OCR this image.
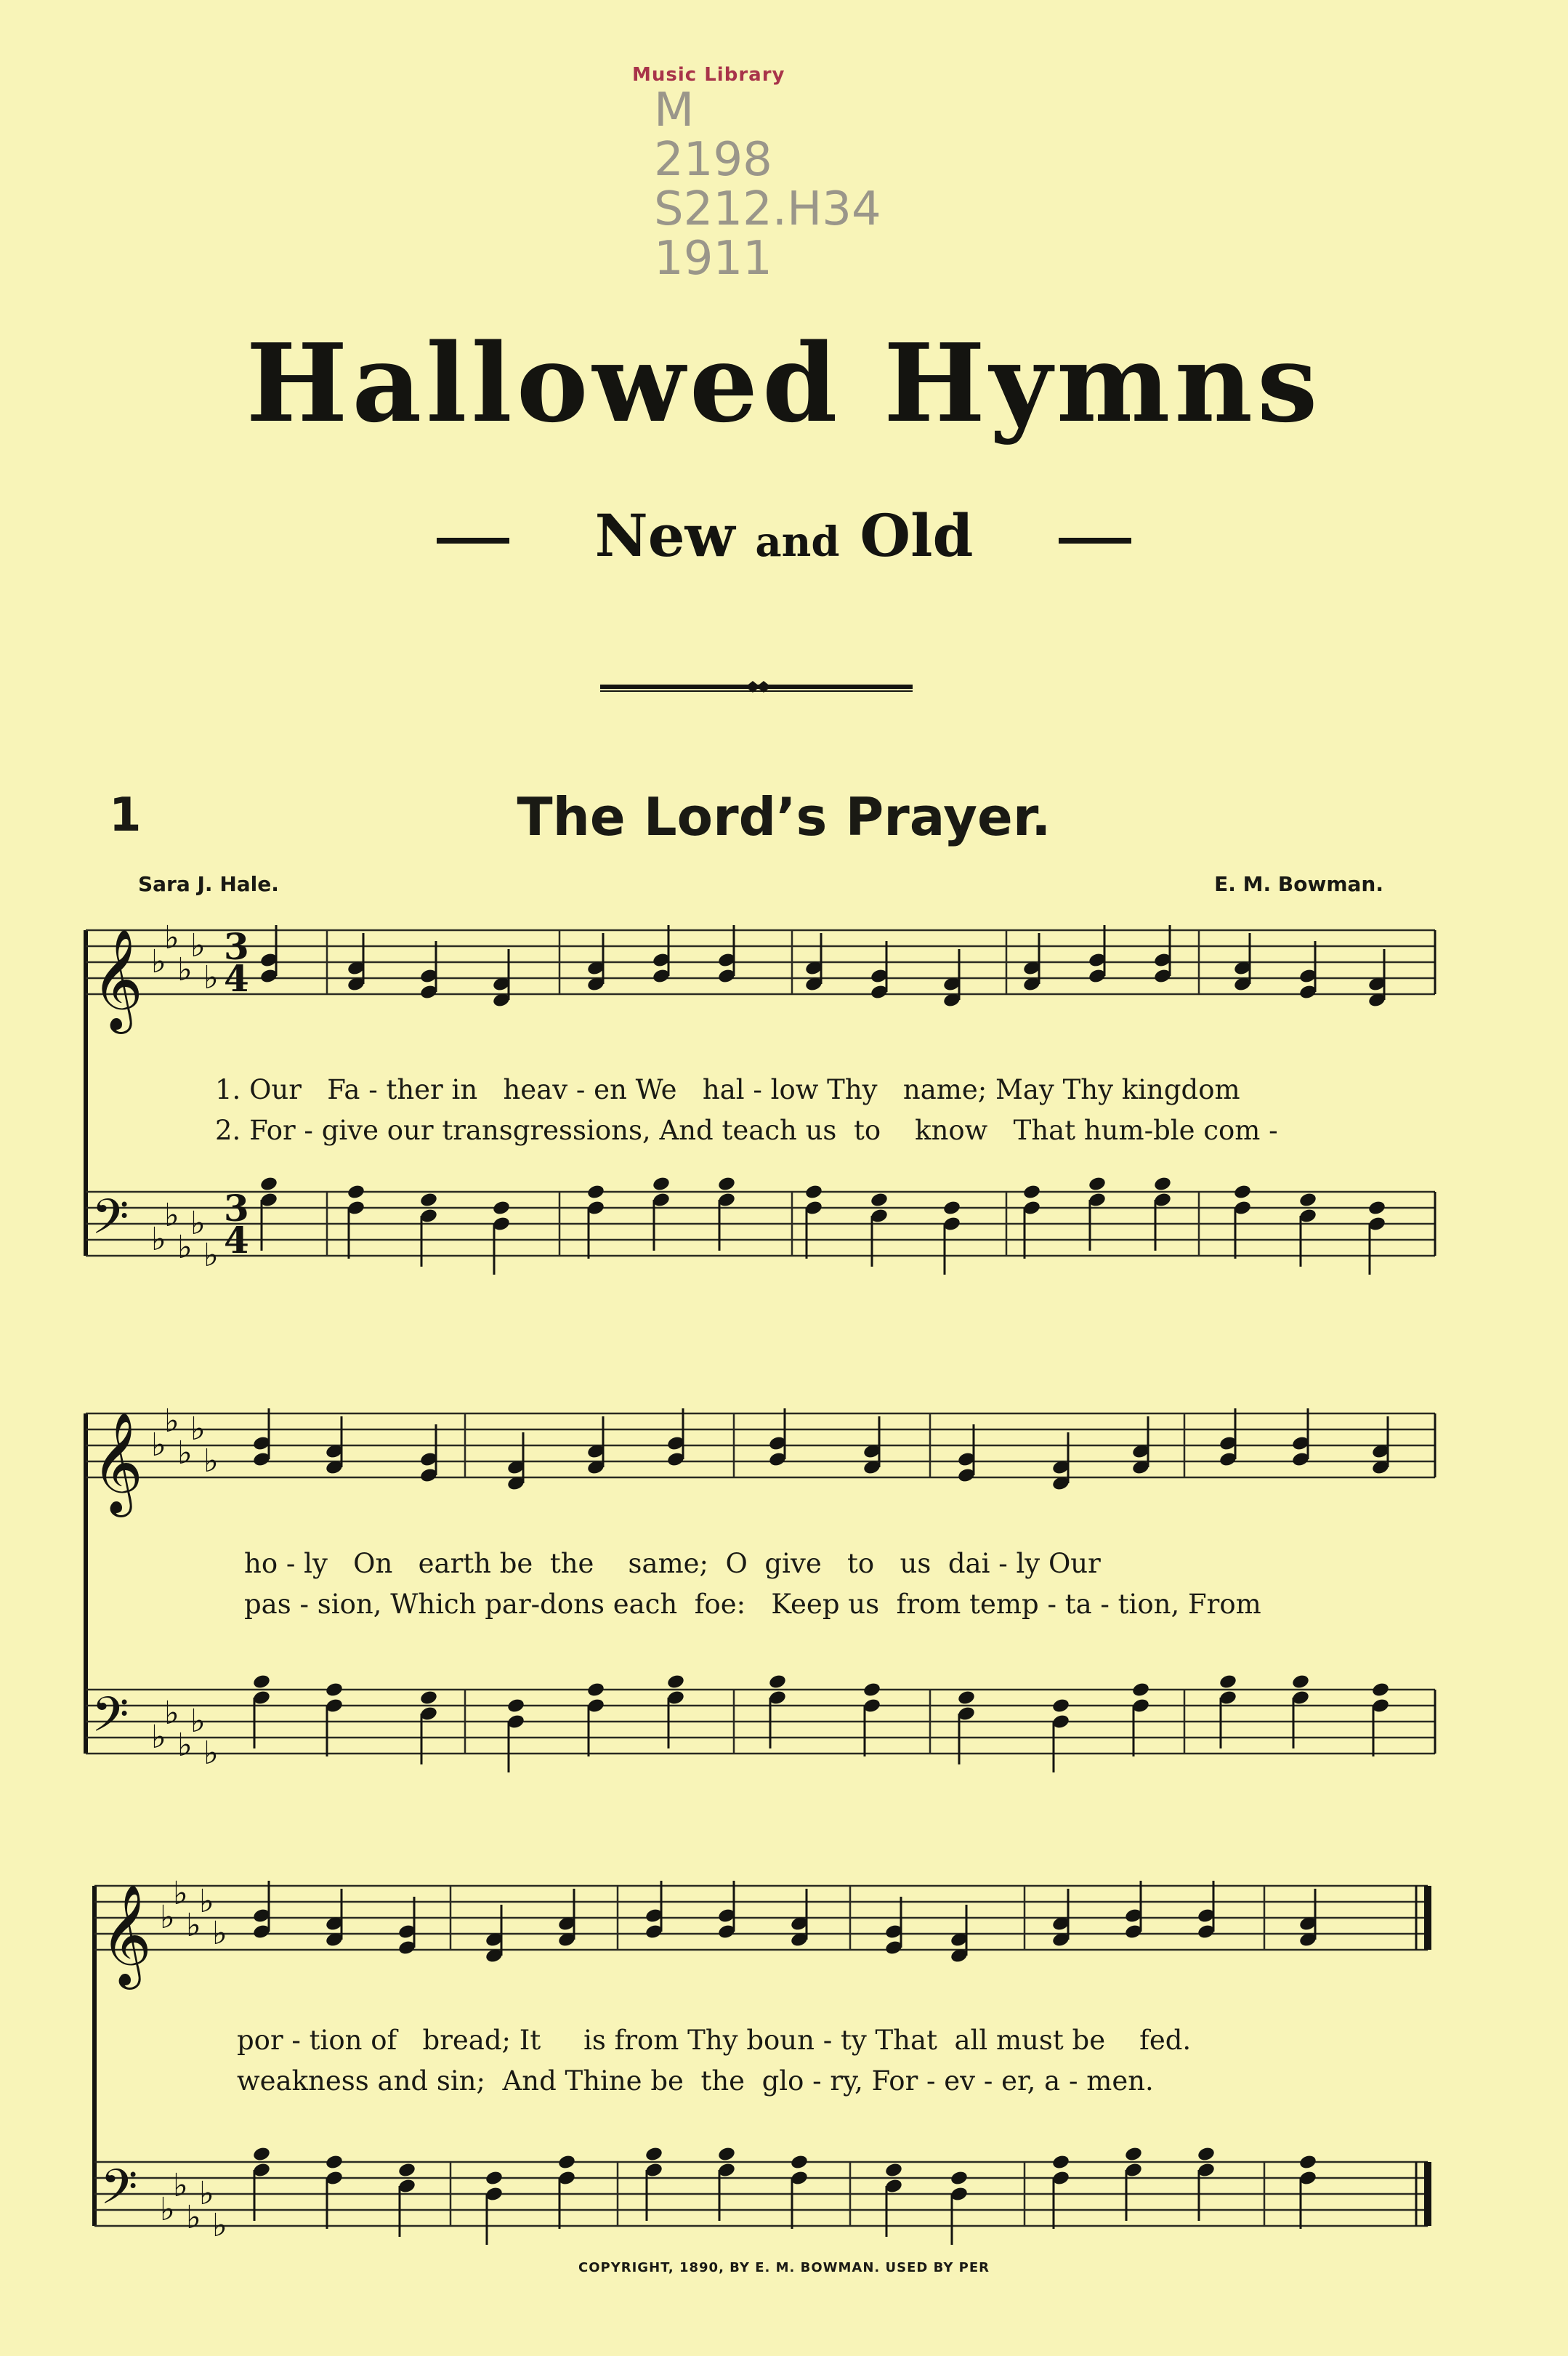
Music Library
M
2198
S212.H34
1911
Hallowed Hymns
New and Old
1	The Lord’s Prayer.
Sara J. Hale.	E. M. Bowman.
𝄞 ♭
♭
♭
♭
♭
3
4
𝄢 ♭
♭
♭
♭
♭
3
4
1. Our Fa - ther in heav - en We hal - low Thy name; May Thy kingdom
2. For - give our transgressions, And teach us to know That hum-ble com -
𝄞 ♭
♭
♭
♭
♭
𝄢 ♭
♭
♭
♭
♭
ho - ly On earth be the same; O give to us dai - ly Our
pas - sion, Which par-dons each foe: Keep us from temp - ta - tion, From
𝄞 ♭
♭
♭
♭
♭
𝄢 ♭
♭
♭
♭
♭
por - tion of bread; It is from Thy boun - ty That all must be fed.
weakness and sin; And Thine be the glo - ry, For - ev - er, a - men.
COPYRIGHT, 1890, BY E. M. BOWMAN. USED BY PER
